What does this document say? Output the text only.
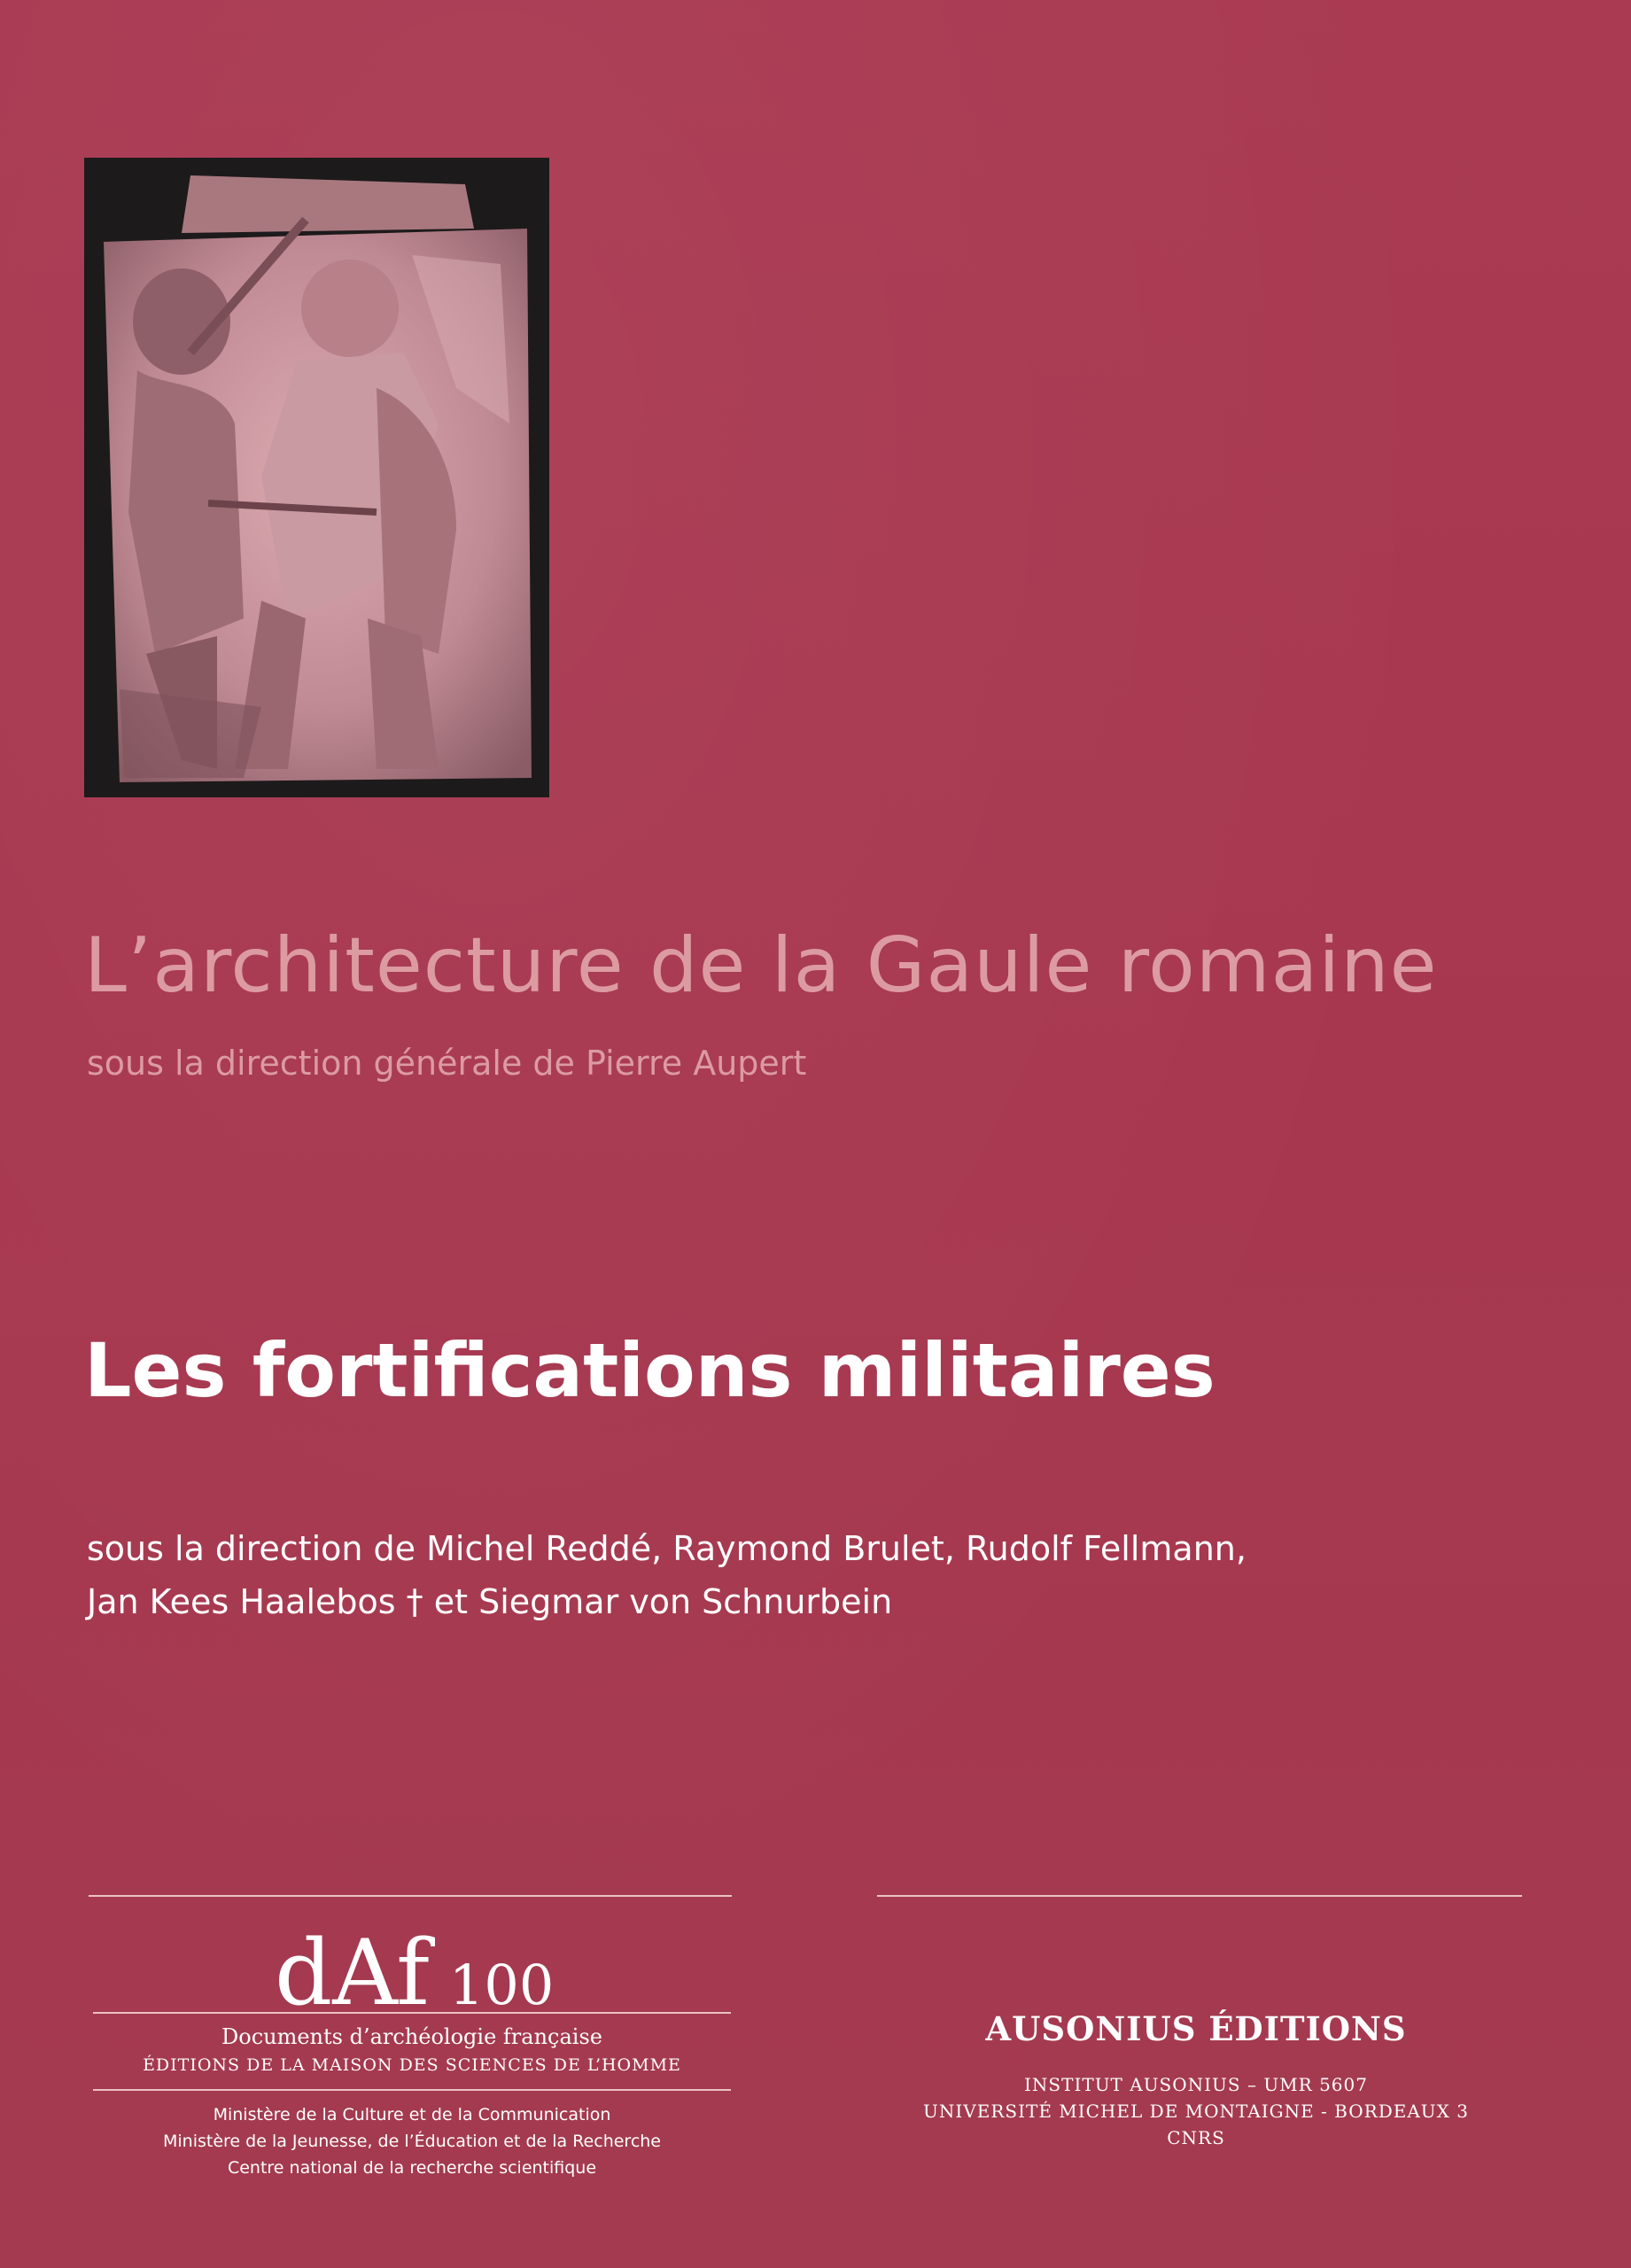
L’architecture de la Gaule romaine
sous la direction générale de Pierre Aupert
Les fortifications militaires
sous la direction de Michel Reddé, Raymond Brulet, Rudolf Fellmann,
Jan Kees Haalebos † et Siegmar von Schnurbein
dAf 100
Documents d’archéologie française
ÉDITIONS DE LA MAISON DES SCIENCES DE L’HOMME
Ministère de la Culture et de la Communication
Ministère de la Jeunesse, de l’Éducation et de la Recherche
Centre national de la recherche scientifique
AUSONIUS ÉDITIONS
INSTITUT AUSONIUS – UMR 5607
UNIVERSITÉ MICHEL DE MONTAIGNE - BORDEAUX 3
CNRS
